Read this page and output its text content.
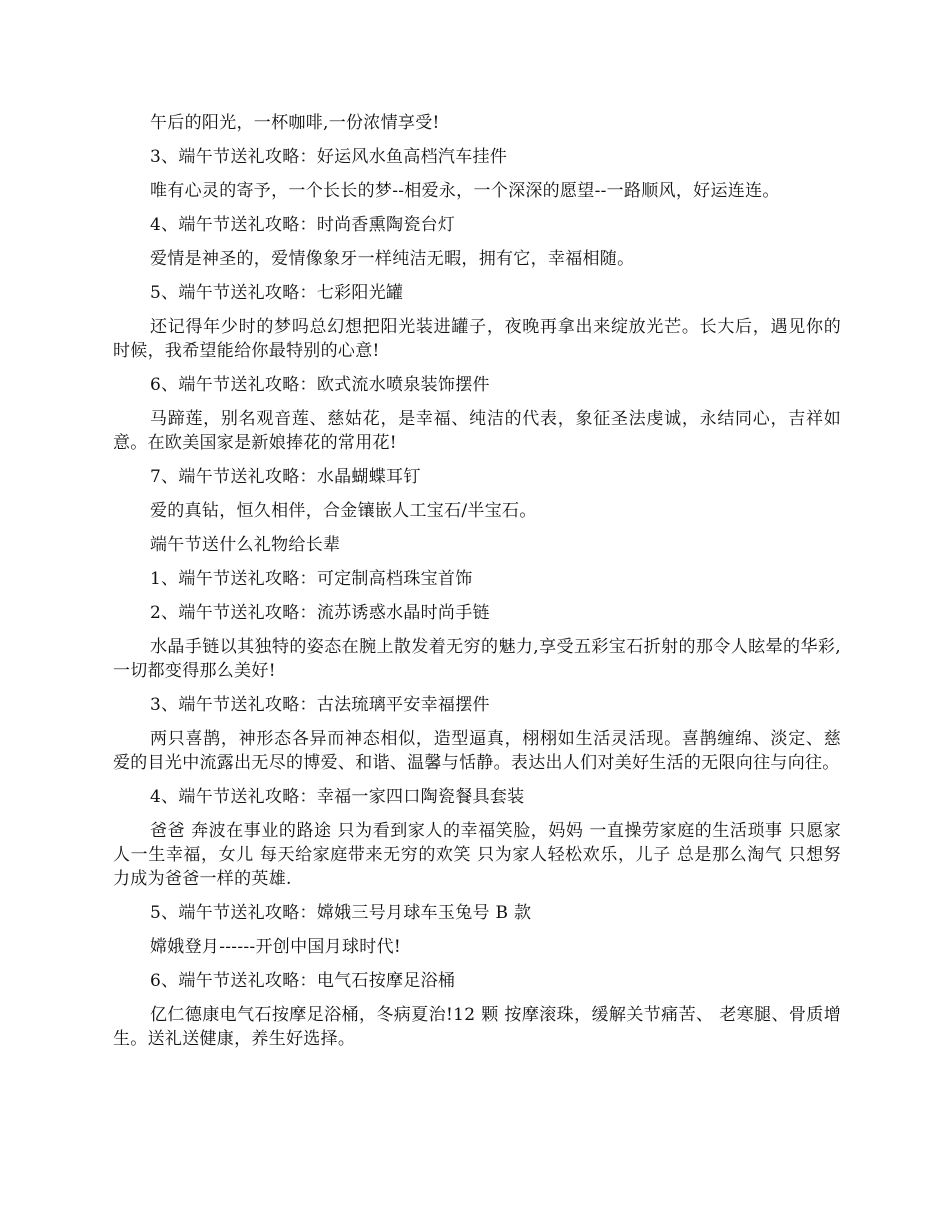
午后的阳光，一杯咖啡,一份浓情享受!

3、端午节送礼攻略：好运风水鱼高档汽车挂件

唯有心灵的寄予，一个长长的梦--相爱永，一个深深的愿望--一路顺风，好运连连。

4、端午节送礼攻略：时尚香熏陶瓷台灯

爱情是神圣的，爱情像象牙一样纯洁无暇，拥有它，幸福相随。

5、端午节送礼攻略：七彩阳光罐

还记得年少时的梦吗总幻想把阳光装进罐子，夜晚再拿出来绽放光芒。长大后，遇见你的时候，我希望能给你最特别的心意!

6、端午节送礼攻略：欧式流水喷泉装饰摆件

马蹄莲，别名观音莲、慈姑花，是幸福、纯洁的代表，象征圣法虔诚，永结同心，吉祥如意。在欧美国家是新娘捧花的常用花!

7、端午节送礼攻略：水晶蝴蝶耳钉

爱的真钻，恒久相伴，合金镶嵌人工宝石/半宝石。

端午节送什么礼物给长辈

1、端午节送礼攻略：可定制高档珠宝首饰

2、端午节送礼攻略：流苏诱惑水晶时尚手链

水晶手链以其独特的姿态在腕上散发着无穷的魅力,享受五彩宝石折射的那令人眩晕的华彩,一切都变得那么美好!

3、端午节送礼攻略：古法琉璃平安幸福摆件

两只喜鹊，神形态各异而神态相似，造型逼真，栩栩如生活灵活现。喜鹊缠绵、淡定、慈爱的目光中流露出无尽的博爱、和谐、温馨与恬静。表达出人们对美好生活的无限向往与向往。

4、端午节送礼攻略：幸福一家四口陶瓷餐具套装

爸爸 奔波在事业的路途 只为看到家人的幸福笑脸，妈妈 一直操劳家庭的生活琐事 只愿家人一生幸福，女儿 每天给家庭带来无穷的欢笑 只为家人轻松欢乐，儿子 总是那么淘气 只想努力成为爸爸一样的英雄.

5、端午节送礼攻略：嫦娥三号月球车玉兔号 B 款

嫦娥登月------开创中国月球时代!

6、端午节送礼攻略：电气石按摩足浴桶

亿仁德康电气石按摩足浴桶，冬病夏治!12 颗 按摩滚珠，缓解关节痛苦、 老寒腿、骨质增生。送礼送健康，养生好选择。
